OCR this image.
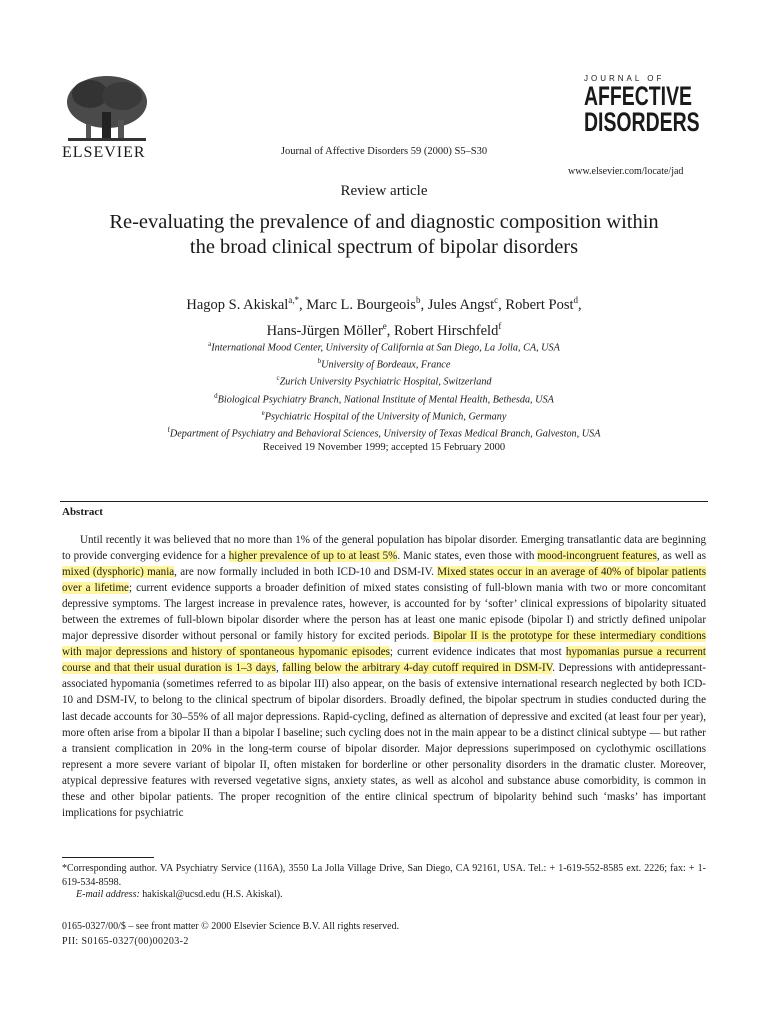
ELSEVIER	Journal of Affective Disorders 59 (2000) S5–S30
JOURNAL OF
AFFECTIVE
DISORDERS
www.elsevier.com/locate/jad
Review article
Re-evaluating the prevalence of and diagnostic composition within
the broad clinical spectrum of bipolar disorders
Hagop S. Akiskal$^{a,*}$, Marc L. Bourgeois$^b$, Jules Angst$^c$, Robert Post$^d$,
Hans-Jürgen Möller$^e$, Robert Hirschfeld$^f$
$^a$International Mood Center, University of California at San Diego, La Jolla, CA, USA
$^b$University of Bordeaux, France
$^c$Zurich University Psychiatric Hospital, Switzerland
$^d$Biological Psychiatry Branch, National Institute of Mental Health, Bethesda, USA
$^e$Psychiatric Hospital of the University of Munich, Germany
$^f$Department of Psychiatry and Behavioral Sciences, University of Texas Medical Branch, Galveston, USA
Received 19 November 1999; accepted 15 February 2000
Abstract
Until recently it was believed that no more than 1% of the general population has bipolar disorder. Emerging transatlantic data are beginning to provide converging evidence for a higher prevalence of up to at least 5%. Manic states, even those with mood-incongruent features, as well as mixed (dysphoric) mania, are now formally included in both ICD-10 and DSM-IV. Mixed states occur in an average of 40% of bipolar patients over a lifetime; current evidence supports a broader definition of mixed states consisting of full-blown mania with two or more concomitant depressive symptoms. The largest increase in prevalence rates, however, is accounted for by ‘softer’ clinical expressions of bipolarity situated between the extremes of full-blown bipolar disorder where the person has at least one manic episode (bipolar I) and strictly defined unipolar major depressive disorder without personal or family history for excited periods. Bipolar II is the prototype for these intermediary conditions with major depressions and history of spontaneous hypomanic episodes; current evidence indicates that most hypomanias pursue a recurrent course and that their usual duration is 1–3 days, falling below the arbitrary 4-day cutoff required in DSM-IV. Depressions with antidepressant-associated hypomania (sometimes referred to as bipolar III) also appear, on the basis of extensive international research neglected by both ICD-10 and DSM-IV, to belong to the clinical spectrum of bipolar disorders. Broadly defined, the bipolar spectrum in studies conducted during the last decade accounts for 30–55% of all major depressions. Rapid-cycling, defined as alternation of depressive and excited (at least four per year), more often arise from a bipolar II than a bipolar I baseline; such cycling does not in the main appear to be a distinct clinical subtype — but rather a transient complication in 20% in the long-term course of bipolar disorder. Major depressions superimposed on cyclothymic oscillations represent a more severe variant of bipolar II, often mistaken for borderline or other personality disorders in the dramatic cluster. Moreover, atypical depressive features with reversed vegetative signs, anxiety states, as well as alcohol and substance abuse comorbidity, is common in these and other bipolar patients. The proper recognition of the entire clinical spectrum of bipolarity behind such ‘masks’ has important implications for psychiatric
*Corresponding author. VA Psychiatry Service (116A), 3550 La Jolla Village Drive, San Diego, CA 92161, USA. Tel.: + 1-619-552-8585 ext. 2226; fax: + 1-619-534-8598.
E-mail address: hakiskal@ucsd.edu (H.S. Akiskal).
0165-0327/00/$ – see front matter © 2000 Elsevier Science B.V. All rights reserved.
PII: S0165-0327(00)00203-2
